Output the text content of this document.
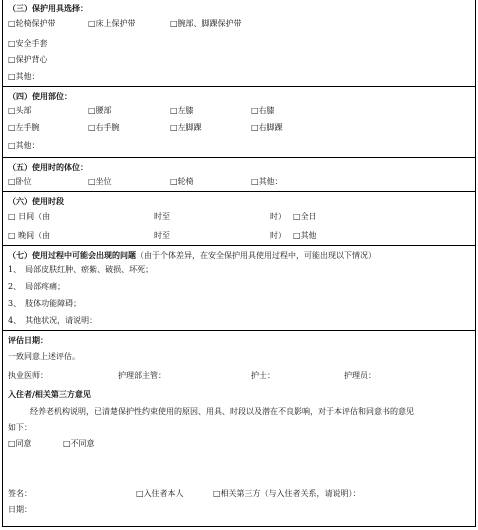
（三）保护用具选择：
□ 轮椅保护带	□ 床上保护带	□ 腕部、脚踝保护带
□ 安全手套
□ 保护背心
□ 其他：
（四）使用部位：
□ 头部	□ 腰部	□ 左膝	□ 右膝
□ 左手腕	□ 右手腕	□ 左脚踝	□ 右脚踝
□ 其他：
（五）使用时的体位：
□ 卧位	□ 坐位	□ 轮椅	□ 其他：
（六）使用时段
□ 日间（由	时至	时）	□ 全日
□ 晚间（由	时至	时）	□ 其他
（七）使用过程中可能会出现的问题（由于个体差异，在安全保护用具使用过程中，可能出现以下情况）
1、　局部皮肤红肿、瘀紫、破损、坏死；
2、　局部疼痛；
3、　肢体功能障碍；
4、　其他状况，请说明：
评估日期：
一致同意上述评估。
执业医师：	护理部主管：	护士：	护理员：
入住者/相关第三方意见
经养老机构说明，已清楚保护性约束使用的原因、用具、时段以及潜在不良影响，对于本评估和同意书的意见
如下：
□ 同意	□ 不同意
签名：	□ 入住者本人	□ 相关第三方（与入住者关系，请说明）：
日期：
